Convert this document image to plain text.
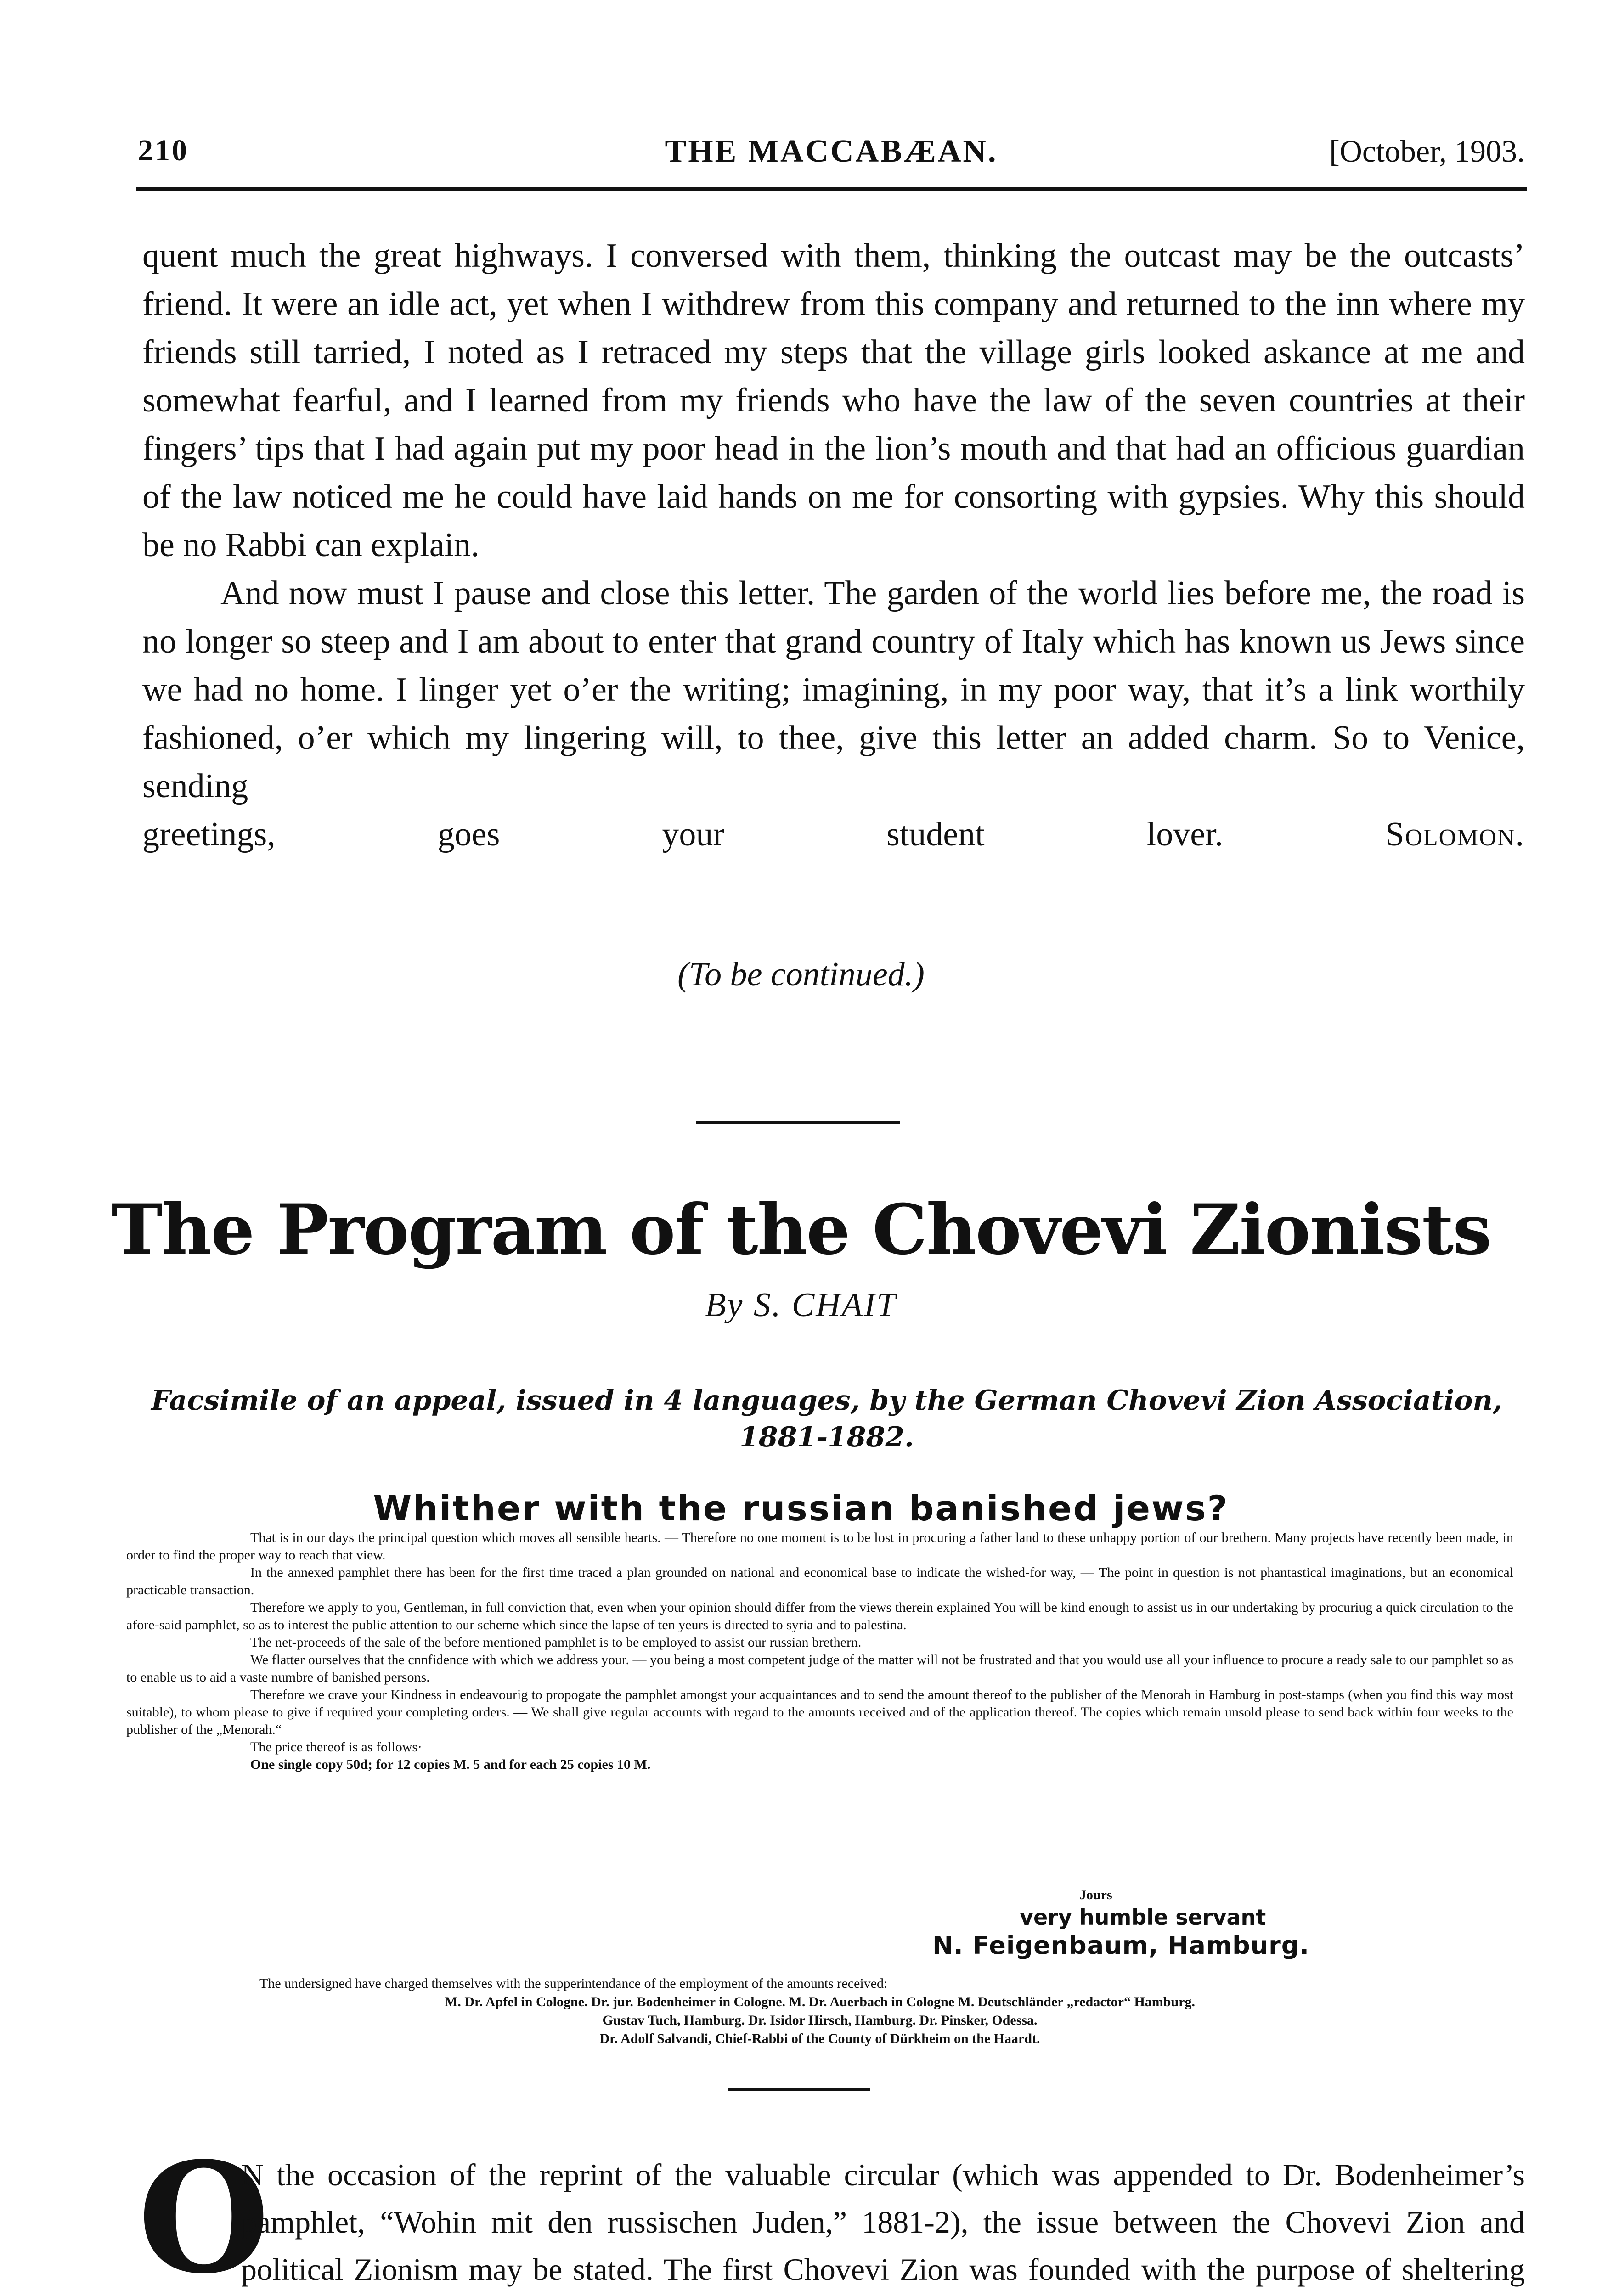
210	THE MACCABÆAN.	[October, 1903.

quent much the great highways. I conversed with them, thinking the outcast may be the outcasts’ friend. It were an idle act, yet when I withdrew from this company and returned to the inn where my friends still tarried, I noted as I retraced my steps that the village girls looked askance at me and somewhat fearful, and I learned from my friends who have the law of the seven countries at their fingers’ tips that I had again put my poor head in the lion’s mouth and that had an officious guardian of the law noticed me he could have laid hands on me for consorting with gypsies. Why this should be no Rabbi can explain.

And now must I pause and close this letter. The garden of the world lies before me, the road is no longer so steep and I am about to enter that grand country of Italy which has known us Jews since we had no home. I linger yet o’er the writing; imagining, in my poor way, that it’s a link worthily fashioned, o’er which my lingering will, to thee, give this letter an added charm. So to Venice, sending

greetings, goes your student lover.	Solomon.

(To be continued.)
The Program of the Chovevi Zionists
By S. CHAIT
Facsimile of an appeal, issued in 4 languages, by the German Chovevi Zion Association, 1881-1882.
Whither with the russian banished jews?

That is in our days the principal question which moves all sensible hearts. — Therefore no one moment is to be lost in procuring a father land to these unhappy portion of our brethern. Many projects have recently been made, in order to find the proper way to reach that view.

In the annexed pamphlet there has been for the first time traced a plan grounded on national and economical base to indicate the wished-for way, — The point in question is not phantastical imaginations, but an economical practicable transaction.

Therefore we apply to you, Gentleman, in full conviction that, even when your opinion should differ from the views therein explained You will be kind enough to assist us in our undertaking by procuriug a quick circulation to the afore-said pamphlet, so as to interest the public attention to our scheme which since the lapse of ten yeurs is directed to syria and to palestina.

The net-proceeds of the sale of the before mentioned pamphlet is to be employed to assist our russian brethern.

We flatter ourselves that the cnnfidence with which we address your. — you being a most competent judge of the matter will not be frustrated and that you would use all your influence to procure a ready sale to our pamphlet so as to enable us to aid a vaste numbre of banished persons.

Therefore we crave your Kindness in endeavourig to propogate the pamphlet amongst your acquaintances and to send the amount thereof to the publisher of the Menorah in Hamburg in post-stamps (when you find this way most suitable), to whom please to give if required your completing orders. — We shall give regular accounts with regard to the amounts received and of the application thereof. The copies which remain unsold please to send back within four weeks to the publisher of the „Menorah.“

The price thereof is as follows·

One single copy 50d; for 12 copies M. 5 and for each 25 copies 10 M.

Jours
very humble servant
N. Feigenbaum, Hamburg.

The undersigned have charged themselves with the supperintendance of the employment of the amounts received:

M. Dr. Apfel in Cologne. Dr. jur. Bodenheimer in Cologne. M. Dr. Auerbach in Cologne M. Deutschländer „redactor“ Hamburg.

Gustav Tuch, Hamburg. Dr. Isidor Hirsch, Hamburg. Dr. Pinsker, Odessa.

Dr. Adolf Salvandi, Chief-Rabbi of the County of Dürkheim on the Haardt.

O

N the occasion of the reprint of the valuable circular (which was appended to Dr. Bodenheimer’s pamphlet, “Wohin mit den russischen Juden,” 1881-2), the issue between the Chovevi Zion and political Zionism may be stated. The first Chovevi Zion was founded with the purpose of sheltering
